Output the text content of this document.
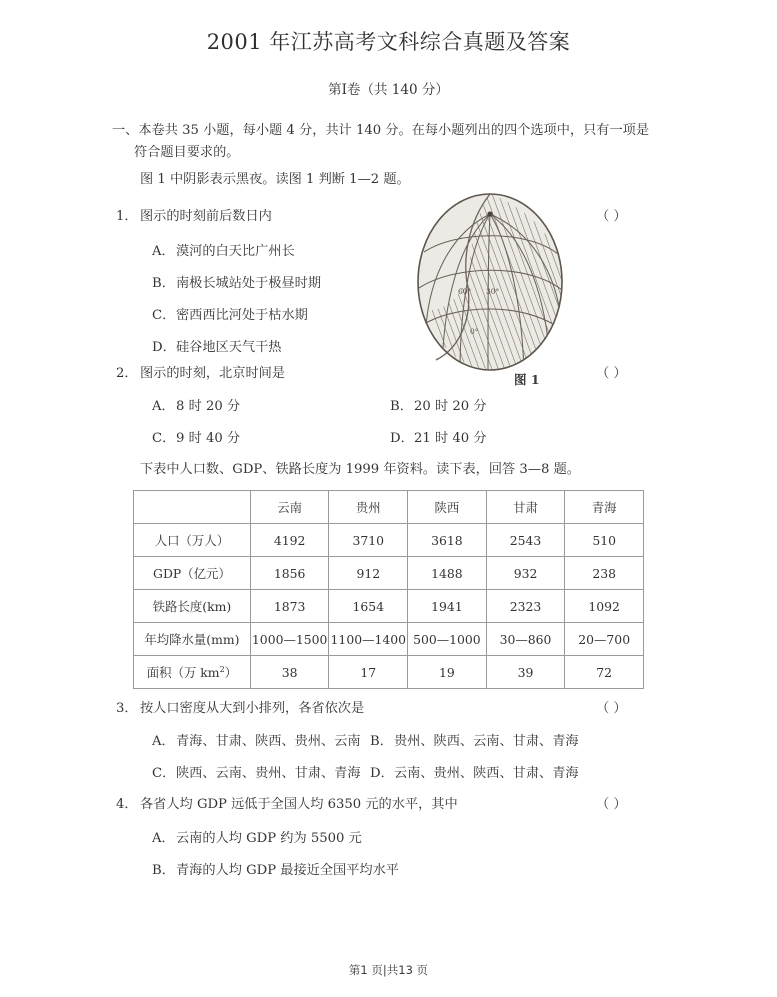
2001 年江苏高考文科综合真题及答案
第Ⅰ卷（共 140 分）
一、本卷共 35 小题，每小题 4 分，共计 140 分。在每小题列出的四个选项中，只有一项是
符合题目要求的。
图 1 中阴影表示黑夜。读图 1 判断 1—2 题。
1． 图示的时刻前后数日内	（ ）
A． 漠河的白天比广州长
B． 南极长城站处于极昼时期
C． 密西西比河处于枯水期
D． 硅谷地区天气干热
60° 30°
0°
图 1
2． 图示的时刻，北京时间是	（ ）
A． 8 时 20 分	B． 20 时 20 分
C． 9 时 40 分	D． 21 时 40 分
下表中人口数、GDP、铁路长度为 1999 年资料。读下表，回答 3—8 题。
	云南	贵州	陕西	甘肃	青海
人口（万人）	4192	3710	3618	2543	510
GDP（亿元）	1856	912	1488	932	238
铁路长度(km)	1873	1654	1941	2323	1092
年均降水量(mm)	1000—1500	1100—1400	500—1000	30—860	20—700
面积（万 $km^2$）	38	17	19	39	72
3． 按人口密度从大到小排列，各省依次是	（ ）
A． 青海、甘肃、陕西、贵州、云南 B． 贵州、陕西、云南、甘肃、青海
C． 陕西、云南、贵州、甘肃、青海 D． 云南、贵州、陕西、甘肃、青海
4． 各省人均 GDP 远低于全国人均 6350 元的水平，其中	（ ）
A． 云南的人均 GDP 约为 5500 元
B． 青海的人均 GDP 最接近全国平均水平
第1 页|共13 页
